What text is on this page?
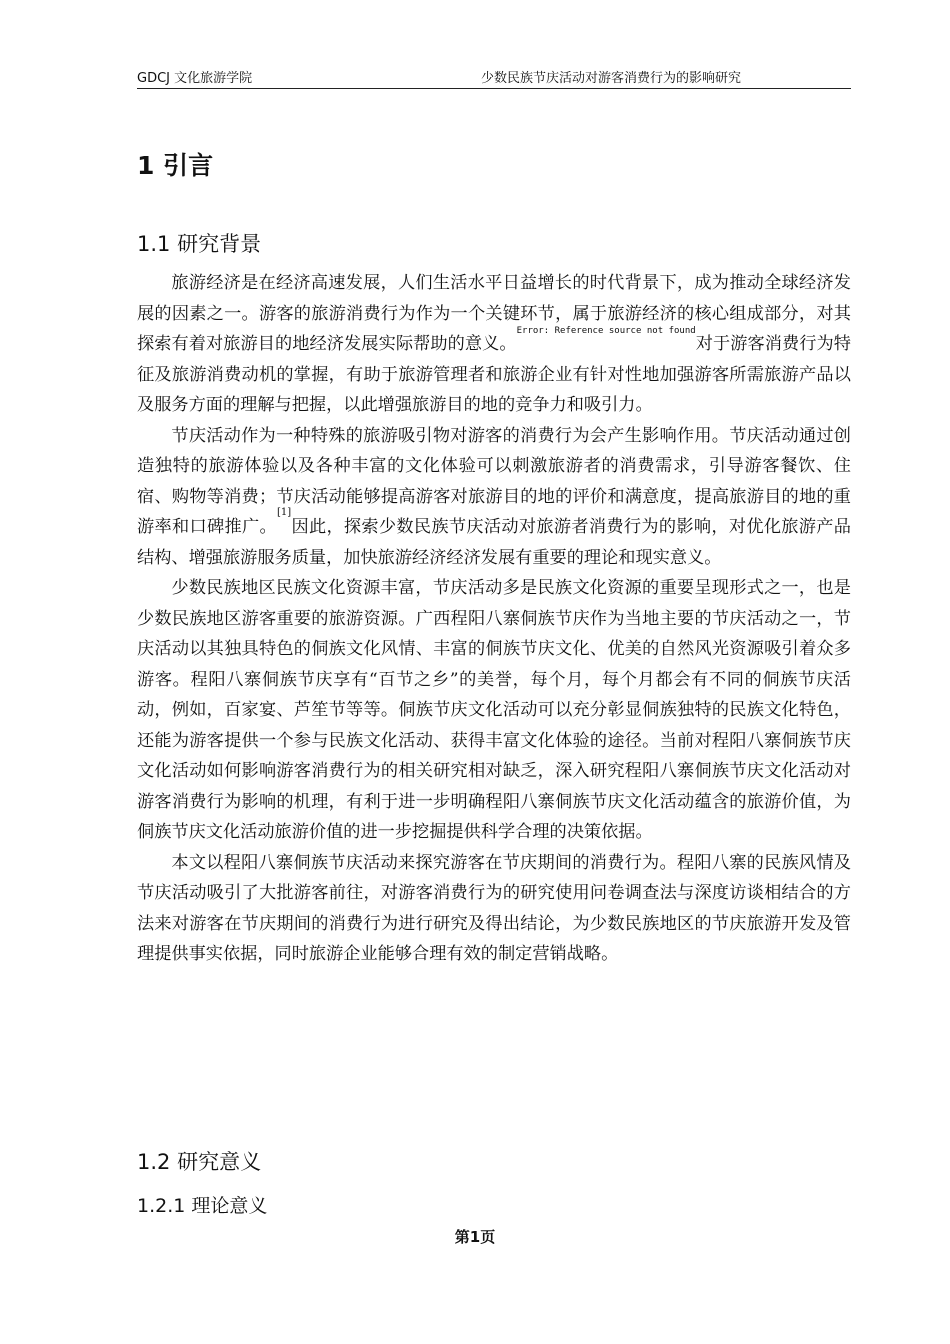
GDCJ 文化旅游学院	少数民族节庆活动对游客消费行为的影响研究
1 引言
1.1 研究背景

旅游经济是在经济高速发展，人们生活水平日益增长的时代背景下，成为推动全球经济发展的因素之一。游客的旅游消费行为作为一个关键环节，属于旅游经济的核心组成部分，对其探索有着对旅游目的地经济发展实际帮助的意义。$^{Error: Reference source not found}$对于游客消费行为特征及旅游消费动机的掌握，有助于旅游管理者和旅游企业有针对性地加强游客所需旅游产品以及服务方面的理解与把握，以此增强旅游目的地的竞争力和吸引力。

节庆活动作为一种特殊的旅游吸引物对游客的消费行为会产生影响作用。节庆活动通过创造独特的旅游体验以及各种丰富的文化体验可以刺激旅游者的消费需求，引导游客餐饮、住宿、购物等消费；节庆活动能够提高游客对旅游目的地的评价和满意度，提高旅游目的地的重游率和口碑推广。[1]因此，探索少数民族节庆活动对旅游者消费行为的影响，对优化旅游产品结构、增强旅游服务质量，加快旅游经济经济发展有重要的理论和现实意义。

少数民族地区民族文化资源丰富，节庆活动多是民族文化资源的重要呈现形式之一，也是少数民族地区游客重要的旅游资源。广西程阳八寨侗族节庆作为当地主要的节庆活动之一，节庆活动以其独具特色的侗族文化风情、丰富的侗族节庆文化、优美的自然风光资源吸引着众多游客。程阳八寨侗族节庆享有“百节之乡”的美誉，每个月，每个月都会有不同的侗族节庆活动，例如，百家宴、芦笙节等等。侗族节庆文化活动可以充分彰显侗族独特的民族文化特色，还能为游客提供一个参与民族文化活动、获得丰富文化体验的途径。当前对程阳八寨侗族节庆文化活动如何影响游客消费行为的相关研究相对缺乏，深入研究程阳八寨侗族节庆文化活动对游客消费行为影响的机理，有利于进一步明确程阳八寨侗族节庆文化活动蕴含的旅游价值，为侗族节庆文化活动旅游价值的进一步挖掘提供科学合理的决策依据。

本文以程阳八寨侗族节庆活动来探究游客在节庆期间的消费行为。程阳八寨的民族风情及节庆活动吸引了大批游客前往，对游客消费行为的研究使用问卷调查法与深度访谈相结合的方法来对游客在节庆期间的消费行为进行研究及得出结论，为少数民族地区的节庆旅游开发及管理提供事实依据，同时旅游企业能够合理有效的制定营销战略。

1.2 研究意义
1.2.1 理论意义
第1页
